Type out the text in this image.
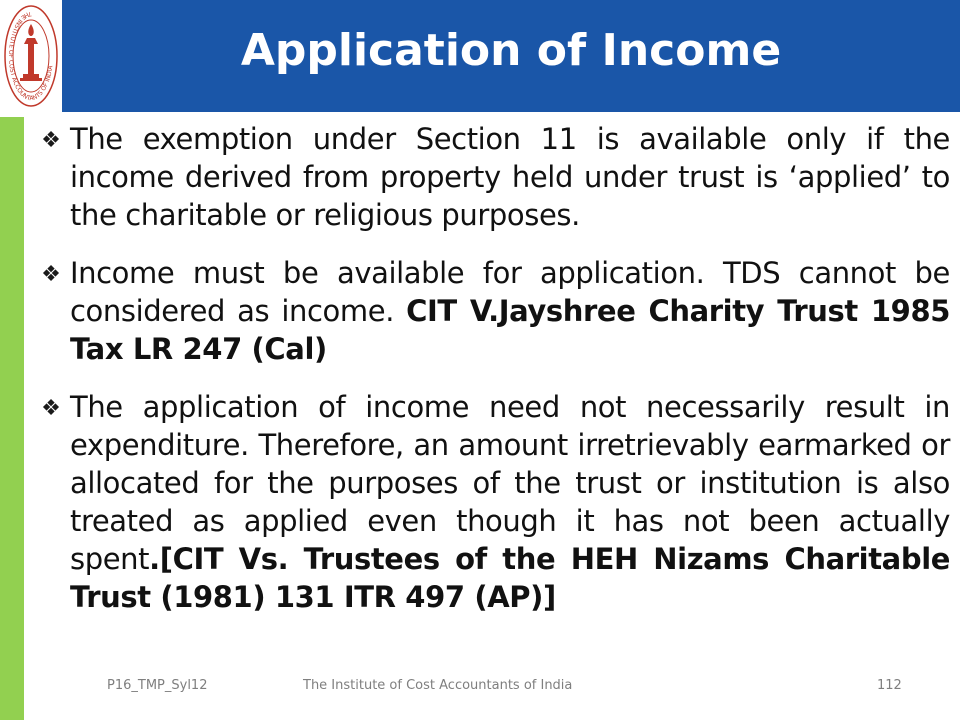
THE INSTITUTE OF COST ACCOUNTANTS OF INDIA	Application of Income
❖ The exemption under Section 11 is available only if the income derived from property held under trust is ‘applied’ to the charitable or religious purposes.
❖ Income must be available for application. TDS cannot be considered as income. CIT V.Jayshree Charity Trust 1985 Tax LR 247 (Cal)
❖ The application of income need not necessarily result in expenditure. Therefore, an amount irretrievably earmarked or allocated for the purposes of the trust or institution is also treated as applied even though it has not been actually spent.[CIT Vs. Trustees of the HEH Nizams Charitable Trust (1981) 131 ITR 497 (AP)]
P16_TMP_Syl12	The Institute of Cost Accountants of India	112
